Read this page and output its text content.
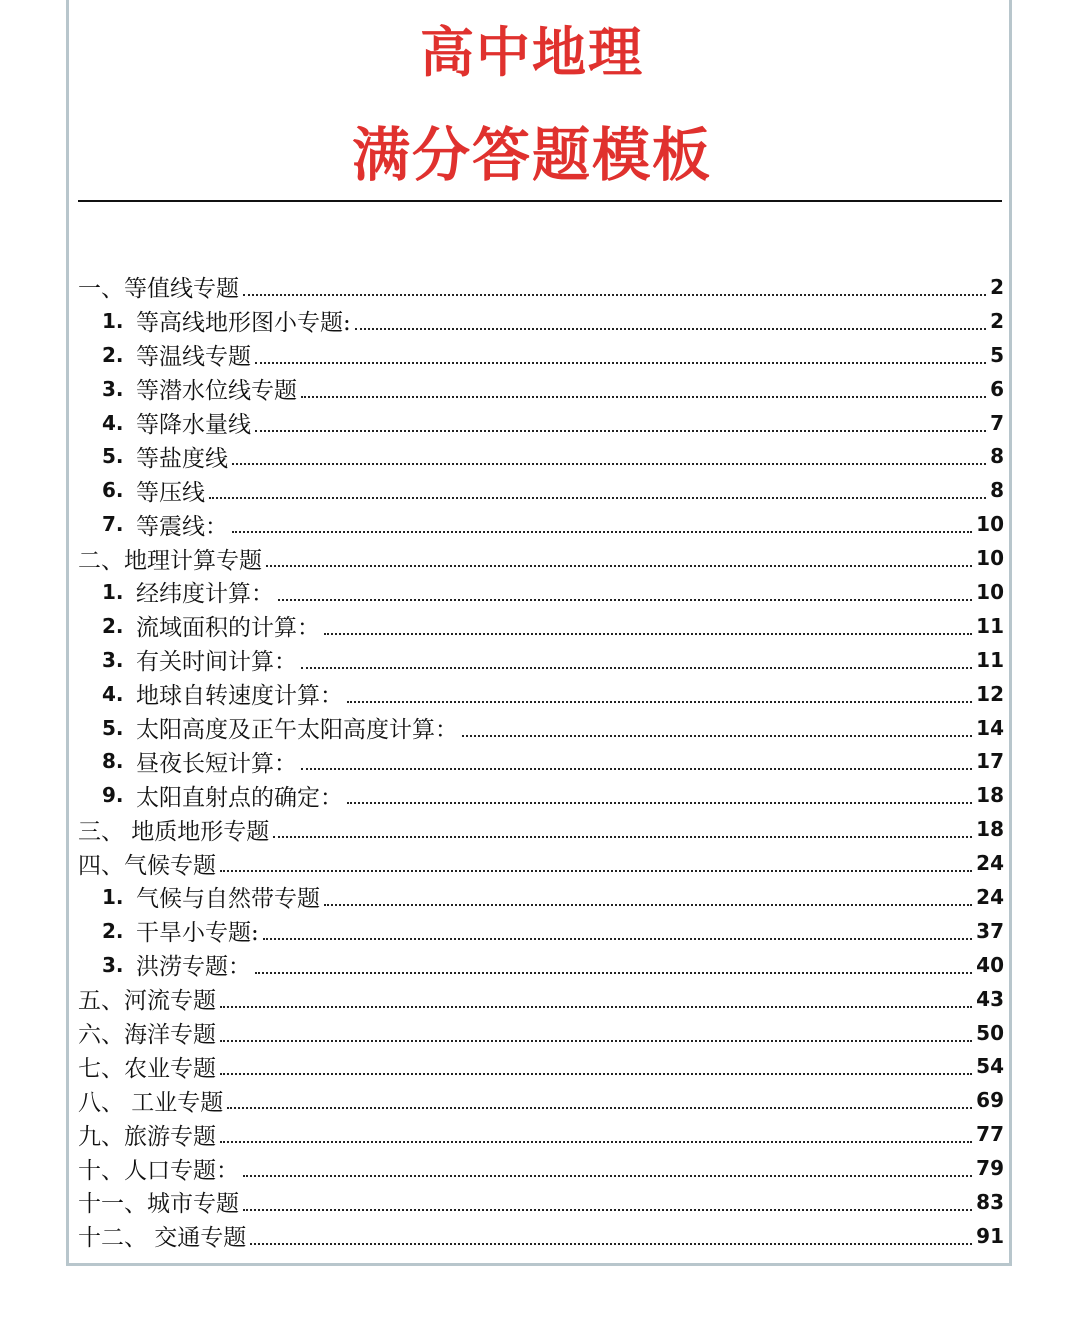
高中地理
满分答题模板
一、等值线专题	2
1. 等高线地形图小专题:	2
2. 等温线专题	5
3. 等潜水位线专题	6
4. 等降水量线	7
5. 等盐度线	8
6. 等压线	8
7. 等震线：	10
二、地理计算专题	10
1. 经纬度计算：	10
2. 流域面积的计算：	11
3. 有关时间计算：	11
4. 地球自转速度计算：	12
5. 太阳高度及正午太阳高度计算：	14
8. 昼夜长短计算：	17
9. 太阳直射点的确定：	18
三、 地质地形专题	18
四、气候专题	24
1. 气候与自然带专题	24
2. 干旱小专题:	37
3. 洪涝专题：	40
五、河流专题	43
六、海洋专题	50
七、农业专题	54
八、 工业专题	69
九、旅游专题	77
十、人口专题：	79
十一、城市专题	83
十二、 交通专题	91
